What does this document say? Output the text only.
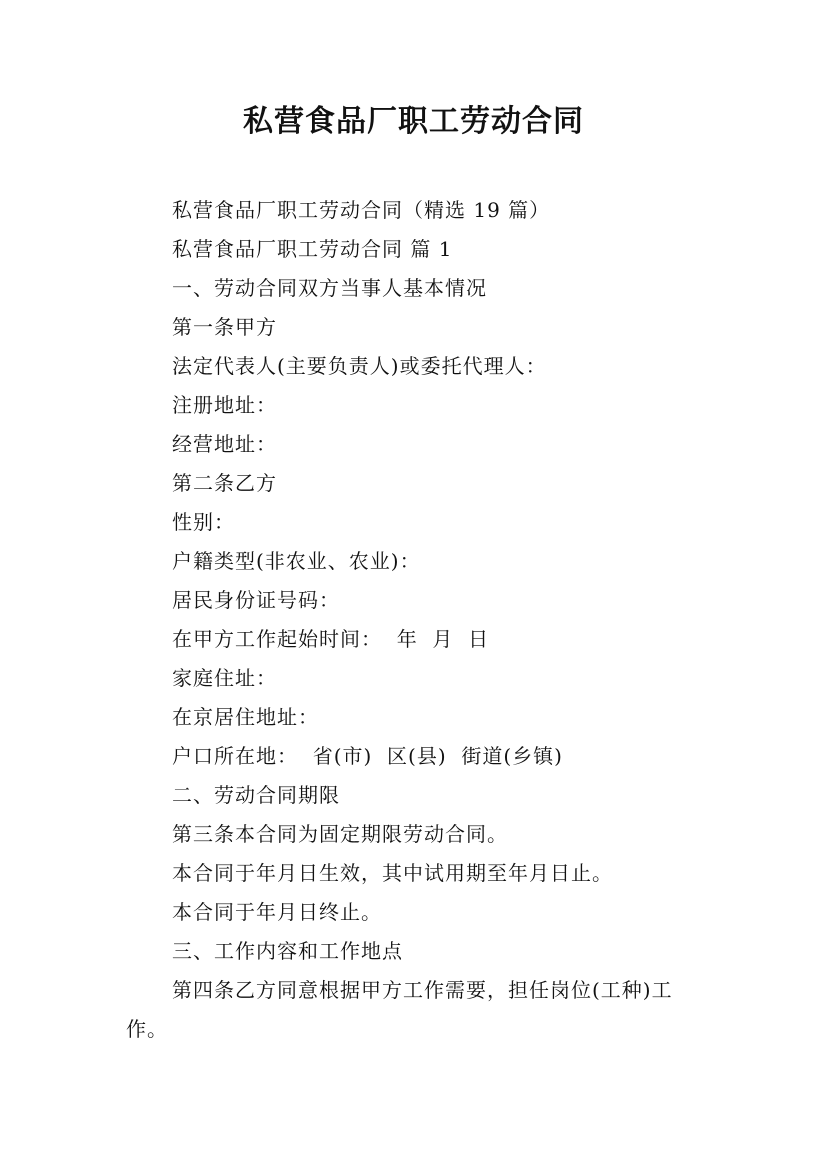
私营食品厂职工劳动合同

私营食品厂职工劳动合同（精选 19 篇）

私营食品厂职工劳动合同 篇 1

一、劳动合同双方当事人基本情况

第一条甲方

法定代表人(主要负责人)或委托代理人：

注册地址：

经营地址：

第二条乙方

性别：

户籍类型(非农业、农业)：

居民身份证号码：

在甲方工作起始时间：  年  月  日

家庭住址：

在京居住地址：

户口所在地：  省(市)  区(县)  街道(乡镇)

二、劳动合同期限

第三条本合同为固定期限劳动合同。

本合同于年月日生效，其中试用期至年月日止。

本合同于年月日终止。

三、工作内容和工作地点

第四条乙方同意根据甲方工作需要，担任岗位(工种)工作。
